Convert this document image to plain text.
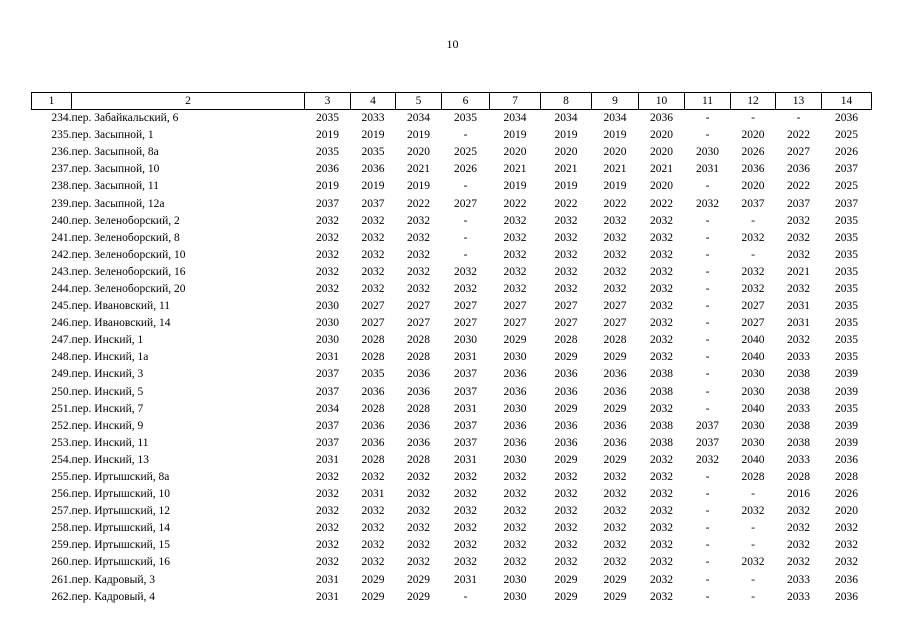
10
1	2	3	4	5	6	7	8	9	10	11	12	13	14
234.	пер. Забайкальский, 6	2035	2033	2034	2035	2034	2034	2034	2036	-	-	-	2036
235.	пер. Засыпной, 1	2019	2019	2019	-	2019	2019	2019	2020	-	2020	2022	2025
236.	пер. Засыпной, 8а	2035	2035	2020	2025	2020	2020	2020	2020	2030	2026	2027	2026
237.	пер. Засыпной, 10	2036	2036	2021	2026	2021	2021	2021	2021	2031	2036	2036	2037
238.	пер. Засыпной, 11	2019	2019	2019	-	2019	2019	2019	2020	-	2020	2022	2025
239.	пер. Засыпной, 12а	2037	2037	2022	2027	2022	2022	2022	2022	2032	2037	2037	2037
240.	пер. Зеленоборский, 2	2032	2032	2032	-	2032	2032	2032	2032	-	-	2032	2035
241.	пер. Зеленоборский, 8	2032	2032	2032	-	2032	2032	2032	2032	-	2032	2032	2035
242.	пер. Зеленоборский, 10	2032	2032	2032	-	2032	2032	2032	2032	-	-	2032	2035
243.	пер. Зеленоборский, 16	2032	2032	2032	2032	2032	2032	2032	2032	-	2032	2021	2035
244.	пер. Зеленоборский, 20	2032	2032	2032	2032	2032	2032	2032	2032	-	2032	2032	2035
245.	пер. Ивановский, 11	2030	2027	2027	2027	2027	2027	2027	2032	-	2027	2031	2035
246.	пер. Ивановский, 14	2030	2027	2027	2027	2027	2027	2027	2032	-	2027	2031	2035
247.	пер. Инский, 1	2030	2028	2028	2030	2029	2028	2028	2032	-	2040	2032	2035
248.	пер. Инский, 1а	2031	2028	2028	2031	2030	2029	2029	2032	-	2040	2033	2035
249.	пер. Инский, 3	2037	2035	2036	2037	2036	2036	2036	2038	-	2030	2038	2039
250.	пер. Инский, 5	2037	2036	2036	2037	2036	2036	2036	2038	-	2030	2038	2039
251.	пер. Инский, 7	2034	2028	2028	2031	2030	2029	2029	2032	-	2040	2033	2035
252.	пер. Инский, 9	2037	2036	2036	2037	2036	2036	2036	2038	2037	2030	2038	2039
253.	пер. Инский, 11	2037	2036	2036	2037	2036	2036	2036	2038	2037	2030	2038	2039
254.	пер. Инский, 13	2031	2028	2028	2031	2030	2029	2029	2032	2032	2040	2033	2036
255.	пер. Иртышский, 8а	2032	2032	2032	2032	2032	2032	2032	2032	-	2028	2028	2028
256.	пер. Иртышский, 10	2032	2031	2032	2032	2032	2032	2032	2032	-	-	2016	2026
257.	пер. Иртышский, 12	2032	2032	2032	2032	2032	2032	2032	2032	-	2032	2032	2020
258.	пер. Иртышский, 14	2032	2032	2032	2032	2032	2032	2032	2032	-	-	2032	2032
259.	пер. Иртышский, 15	2032	2032	2032	2032	2032	2032	2032	2032	-	-	2032	2032
260.	пер. Иртышский, 16	2032	2032	2032	2032	2032	2032	2032	2032	-	2032	2032	2032
261.	пер. Кадровый, 3	2031	2029	2029	2031	2030	2029	2029	2032	-	-	2033	2036
262.	пер. Кадровый, 4	2031	2029	2029	-	2030	2029	2029	2032	-	-	2033	2036
